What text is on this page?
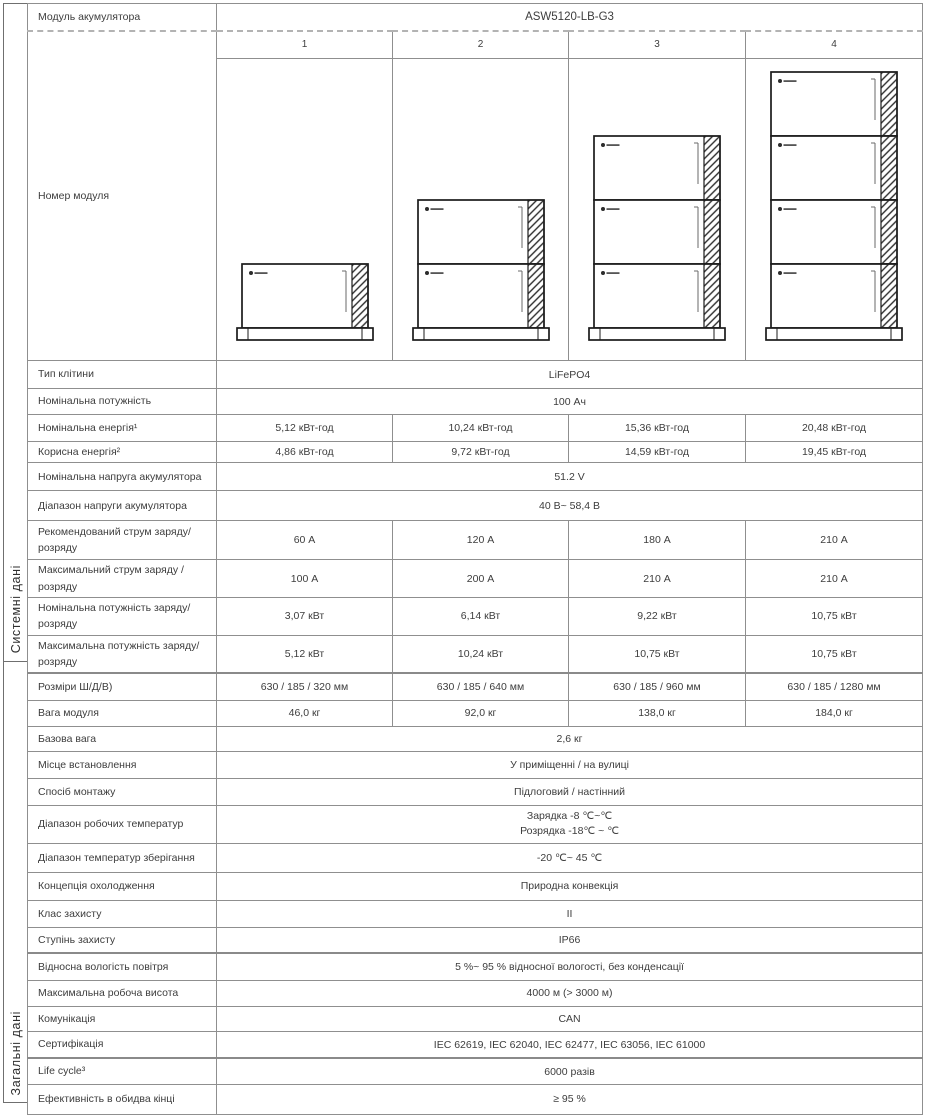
Системні дані
Загальні дані
Модуль акумулятора	ASW5120-LB-G3			
Номер модуля	1	2	3	4

Тип клітини	LiFePO4			
Номінальна потужність	100 Ач			
Номінальна енергія¹	5,12 кВт-год	10,24 кВт-год	15,36 кВт-год	20,48 кВт-год
Корисна енергія²	4,86 кВт-год	9,72 кВт-год	14,59 кВт-год	19,45 кВт-год
Номінальна напруга акумулятора	51.2 V			
Діапазон напруги акумулятора	40 В~ 58,4 В			
Рекомендований струм заряду/розряду	60 А	120 А	180 А	210 А
Максимальний струм заряду / розряду	100 А	200 А	210 А	210 А
Номінальна потужність заряду/розряду	3,07 кВт	6,14 кВт	9,22 кВт	10,75 кВт
Максимальна потужність заряду/розряду	5,12 кВт	10,24 кВт	10,75 кВт	10,75 кВт
Розміри Ш/Д/В)	630 / 185 / 320 мм	630 / 185 / 640 мм	630 / 185 / 960 мм	630 / 185 / 1280 мм
Вага модуля	46,0 кг	92,0 кг	138,0 кг	184,0 кг
Базова вага	2,6 кг			
Місце встановлення	У приміщенні / на вулиці			
Спосіб монтажу	Підлоговий / настінний			
Діапазон робочих температур	Зарядка -8 ℃~℃
Розрядка -18℃ ~ ℃			

Діапазон температур зберігання	-20 ℃~ 45 ℃			
Концепція охолодження	Природна конвекція			
Клас захисту	II			
Ступінь захисту	IP66			
Відносна вологість повітря	5 %~ 95 % відносної вологості, без конденсації			
Максимальна робоча висота	4000 м (> 3000 м)			
Комунікація	CAN			
Сертифікація	IEC 62619, IEC 62040, IEC 62477, IEC 63056, IEC 61000			
Life cycle³	6000 разів			
Ефективність в обидва кінці	≥ 95 %			
